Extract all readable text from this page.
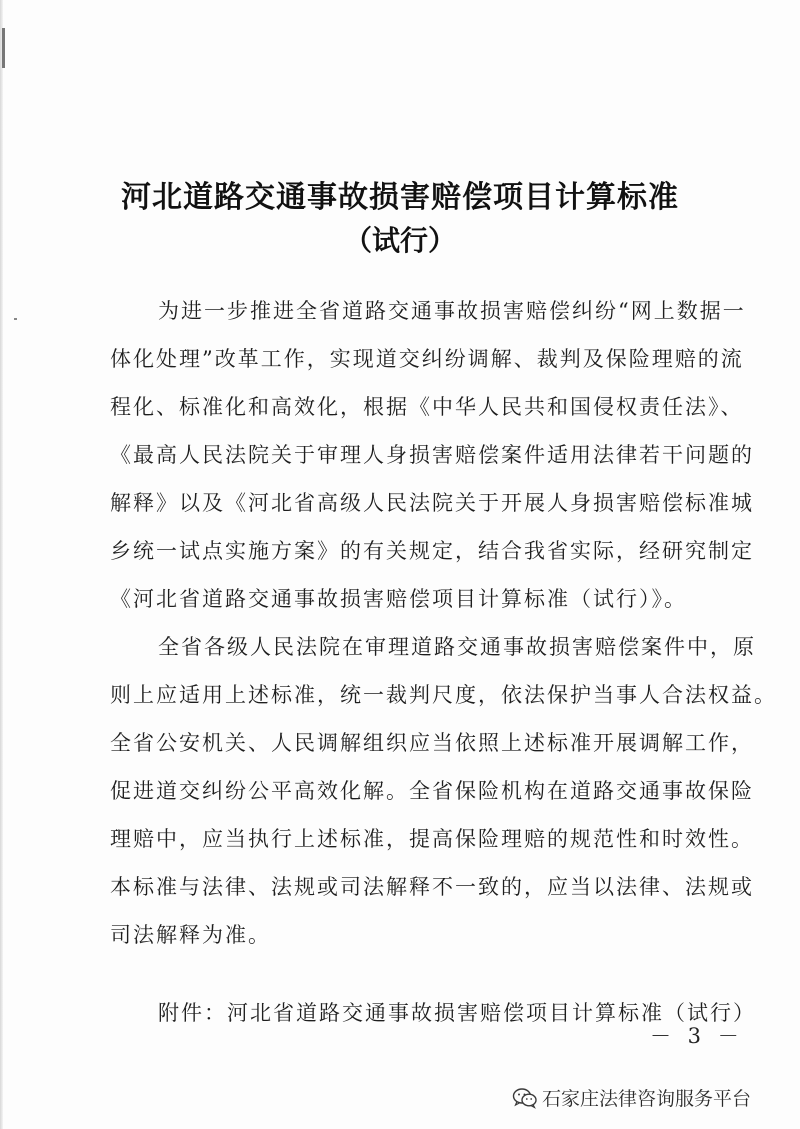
河北道路交通事故损害赔偿项目计算标准
（试行）
为进一步推进全省道路交通事故损害赔偿纠纷“网上数据一
体化处理”改革工作，实现道交纠纷调解、裁判及保险理赔的流
程化、标准化和高效化，根据《中华人民共和国侵权责任法》、
《最高人民法院关于审理人身损害赔偿案件适用法律若干问题的
解释》以及《河北省高级人民法院关于开展人身损害赔偿标准城
乡统一试点实施方案》的有关规定，结合我省实际，经研究制定
《河北省道路交通事故损害赔偿项目计算标准（试行）》。
全省各级人民法院在审理道路交通事故损害赔偿案件中，原
则上应适用上述标准，统一裁判尺度，依法保护当事人合法权益。
全省公安机关、人民调解组织应当依照上述标准开展调解工作，
促进道交纠纷公平高效化解。全省保险机构在道路交通事故保险
理赔中，应当执行上述标准，提高保险理赔的规范性和时效性。
本标准与法律、法规或司法解释不一致的，应当以法律、法规或
司法解释为准。
附件：河北省道路交通事故损害赔偿项目计算标准（试行）
－ 3 －
石家庄法律咨询服务平台
